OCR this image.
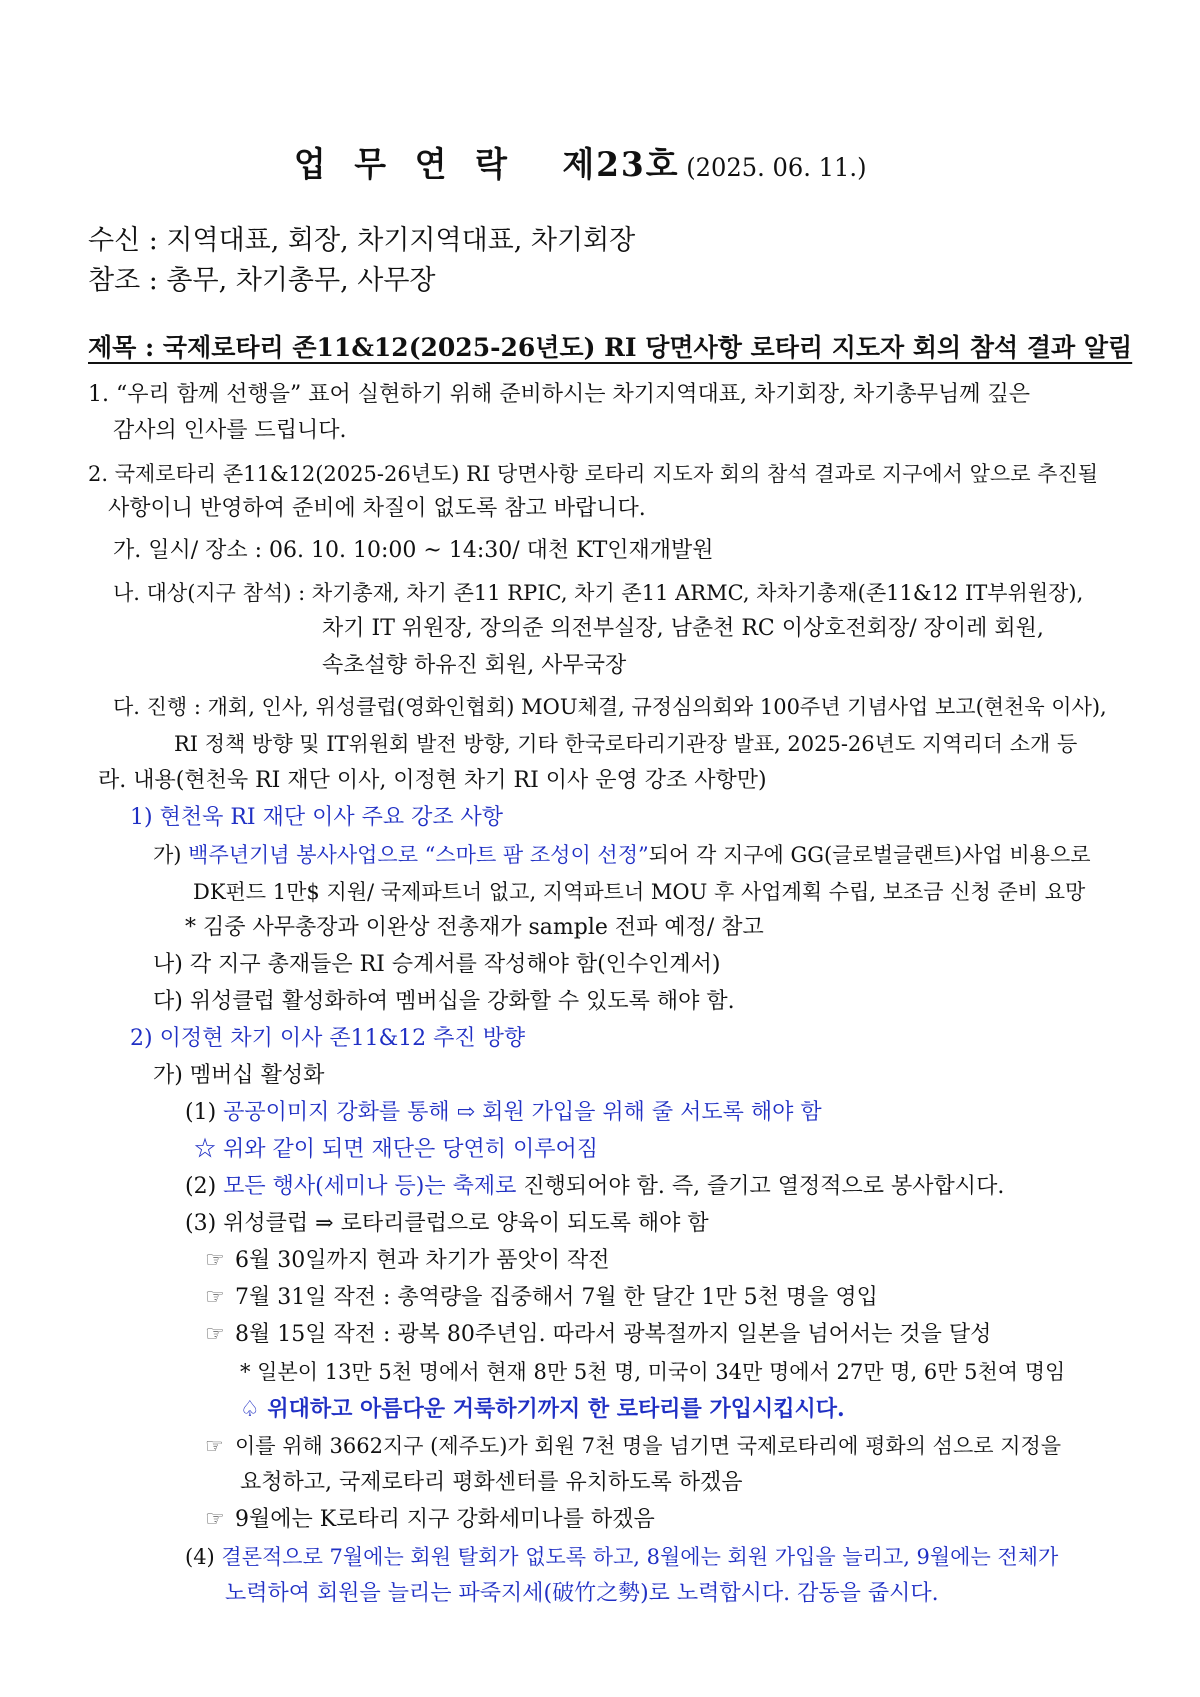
업  무  연  락    제23호 (2025. 06. 11.)
수신 : 지역대표, 회장, 차기지역대표, 차기회장
참조 : 총무, 차기총무, 사무장
제목 : 국제로타리 존11&12(2025-26년도) RI 당면사항 로타리 지도자 회의 참석 결과 알림
1. “우리 함께 선행을” 표어 실현하기 위해 준비하시는 차기지역대표, 차기회장, 차기총무님께 깊은
감사의 인사를 드립니다.
2. 국제로타리 존11&12(2025-26년도) RI 당면사항 로타리 지도자 회의 참석 결과로 지구에서 앞으로 추진될
사항이니 반영하여 준비에 차질이 없도록 참고 바랍니다.
가. 일시/ 장소 : 06. 10. 10:00 ~ 14:30/ 대천 KT인재개발원
나. 대상(지구 참석) : 차기총재, 차기 존11 RPIC, 차기 존11 ARMC, 차차기총재(존11&12 IT부위원장),
차기 IT 위원장, 장의준 의전부실장, 남춘천 RC 이상호전회장/ 장이레 회원,
속초설향 하유진 회원, 사무국장
다. 진행 : 개회, 인사, 위성클럽(영화인협회) MOU체결, 규정심의회와 100주년 기념사업 보고(현천욱 이사),
RI 정책 방향 및 IT위원회 발전 방향, 기타 한국로타리기관장 발표, 2025-26년도 지역리더 소개 등
라. 내용(현천욱 RI 재단 이사, 이정현 차기 RI 이사 운영 강조 사항만)
1) 현천욱 RI 재단 이사 주요 강조 사항
가) 백주년기념 봉사사업으로 “스마트 팜 조성이 선정”되어 각 지구에 GG(글로벌글랜트)사업 비용으로
DK펀드 1만$ 지원/ 국제파트너 없고, 지역파트너 MOU 후 사업계획 수립, 보조금 신청 준비 요망
* 김중 사무총장과 이완상 전총재가 sample 전파 예정/ 참고
나) 각 지구 총재들은 RI 승계서를 작성해야 함(인수인계서)
다) 위성클럽 활성화하여 멤버십을 강화할 수 있도록 해야 함.
2) 이정현 차기 이사 존11&12 추진 방향
가) 멤버십 활성화
(1) 공공이미지 강화를 통해 ⇨ 회원 가입을 위해 줄 서도록 해야 함
☆ 위와 같이 되면 재단은 당연히 이루어짐
(2) 모든 행사(세미나 등)는 축제로 진행되어야 함. 즉, 즐기고 열정적으로 봉사합시다.
(3) 위성클럽 ⇒ 로타리클럽으로 양육이 되도록 해야 함
☞ 6월 30일까지 현과 차기가 품앗이 작전
☞ 7월 31일 작전 : 총역량을 집중해서 7월 한 달간 1만 5천 명을 영입
☞ 8월 15일 작전 : 광복 80주년임. 따라서 광복절까지 일본을 넘어서는 것을 달성
* 일본이 13만 5천 명에서 현재 8만 5천 명, 미국이 34만 명에서 27만 명, 6만 5천여 명임
♤ 위대하고 아름다운 거룩하기까지 한 로타리를 가입시킵시다.
☞ 이를 위해 3662지구 (제주도)가 회원 7천 명을 넘기면 국제로타리에 평화의 섬으로 지정을
요청하고, 국제로타리 평화센터를 유치하도록 하겠음
☞ 9월에는 K로타리 지구 강화세미나를 하겠음
(4) 결론적으로 7월에는 회원 탈회가 없도록 하고, 8월에는 회원 가입을 늘리고, 9월에는 전체가
노력하여 회원을 늘리는 파죽지세(破竹之勢)로 노력합시다. 감동을 줍시다.
